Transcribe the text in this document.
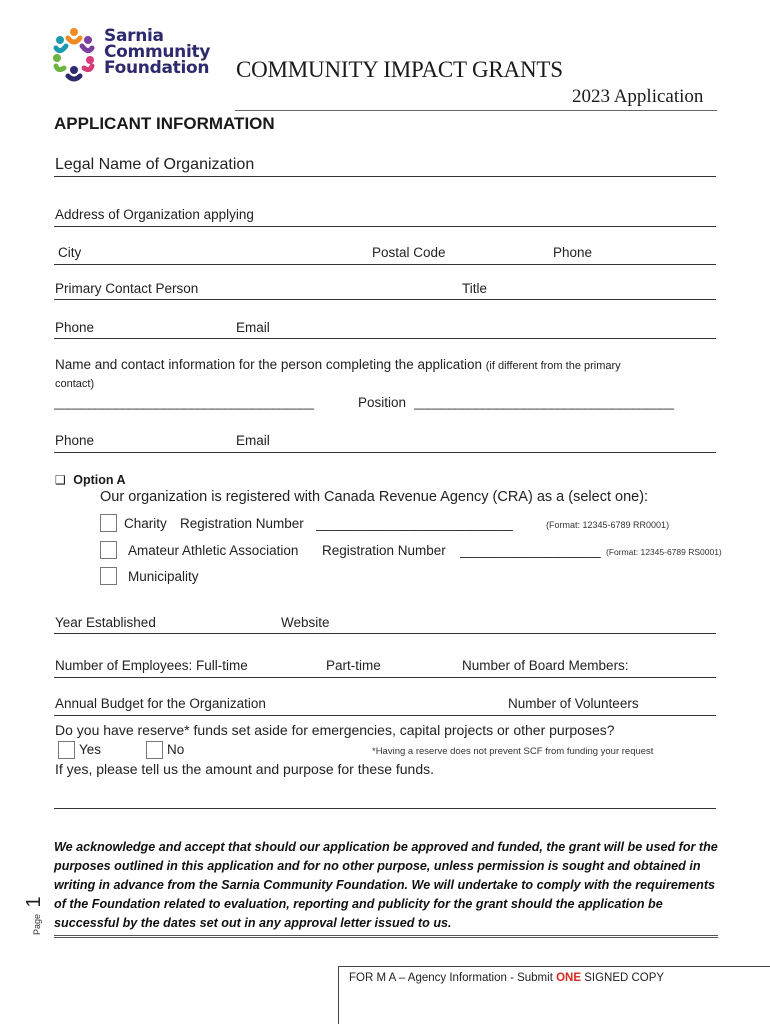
Sarnia
Community
Foundation COMMUNITY IMPACT GRANTS
2023 Application
APPLICANT INFORMATION
Legal Name of Organization
Address of Organization applying
City	Postal Code	Phone
Primary Contact Person	Title
Phone	Email
Name and contact information for the person completing the application (if different from the primary
contact)
______________________________________	Position ______________________________________
Phone	Email
❑ Option A
Our organization is registered with Canada Revenue Agency (CRA) as a (select one):
Charity Registration Number ____________________________	(Format: 12345-6789 RR0001)
Amateur Athletic Association Registration Number ____________________ (Format: 12345-6789 RS0001)
Municipality
Year Established	Website
Number of Employees: Full-time	Part-time	Number of Board Members:
Annual Budget for the Organization	Number of Volunteers
Do you have reserve* funds set aside for emergencies, capital projects or other purposes?
Yes	No	*Having a reserve does not prevent SCF from funding your request
If yes, please tell us the amount and purpose for these funds.
We acknowledge and accept that should our application be approved and funded, the grant will be used for the purposes outlined in this application and for no other purpose, unless permission is sought and obtained in writing in advance from the Sarnia Community Foundation. We will undertake to comply with the requirements of the Foundation related to evaluation, reporting and publicity for the grant should the application be successful by the dates set out in any approval letter issued to us.
Page 1
FOR M A – Agency Information - Submit ONE SIGNED COPY
